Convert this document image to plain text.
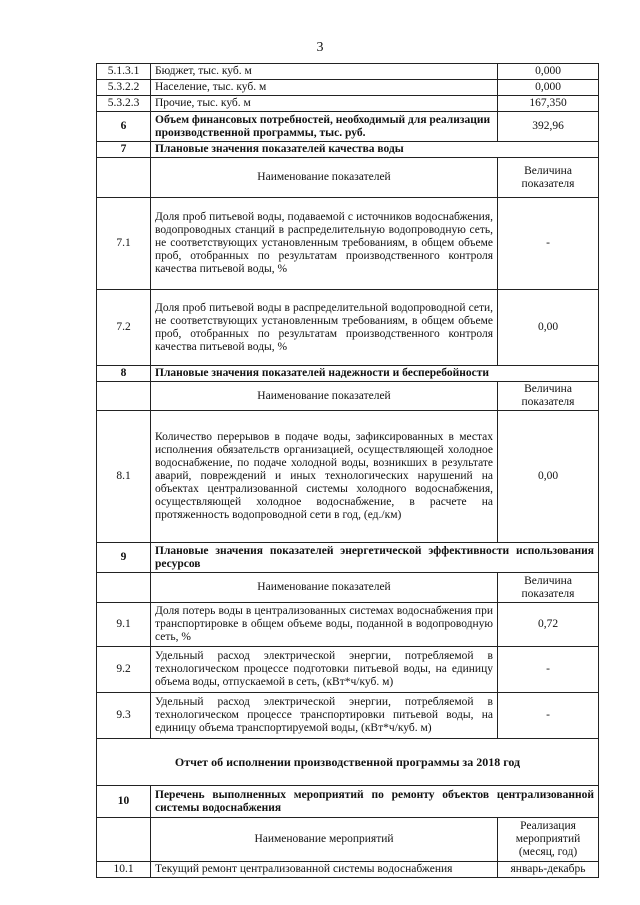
3
5.1.3.1	Бюджет, тыс. куб. м	0,000
5.3.2.2	Население, тыс. куб. м	0,000
5.3.2.3	Прочие, тыс. куб. м	167,350
6	Объем финансовых потребностей, необходимый для реализации производственной программы, тыс. руб.	392,96
7	Плановые значения показателей качества воды	
	Наименование показателей	Величина показателя
7.1	Доля проб питьевой воды, подаваемой с источников водоснабжения, водопроводных станций в распределительную водопроводную сеть, не соответствующих установленным требованиям, в общем объеме проб, отобранных по результатам производственного контроля качества питьевой воды, %	-
7.2	Доля проб питьевой воды в распределительной водопроводной сети, не соответствующих установленным требованиям, в общем объеме проб, отобранных по результатам производственного контроля качества питьевой воды, %	0,00
8	Плановые значения показателей надежности и бесперебойности	
	Наименование показателей	Величина показателя
8.1	Количество перерывов в подаче воды, зафиксированных в местах исполнения обязательств организацией, осуществляющей холодное водоснабжение, по подаче холодной воды, возникших в результате аварий, повреждений и иных технологических нарушений на объектах централизованной системы холодного водоснабжения, осуществляющей холодное водоснабжение, в расчете на протяженность водопроводной сети в год, (ед./км)	0,00
9	Плановые значения показателей энергетической эффективности использования ресурсов	
	Наименование показателей	Величина показателя
9.1	Доля потерь воды в централизованных системах водоснабжения при транспортировке в общем объеме воды, поданной в водопроводную сеть, %	0,72
9.2	Удельный расход электрической энергии, потребляемой в технологическом процессе подготовки питьевой воды, на единицу объема воды, отпускаемой в сеть, (кВт*ч/куб. м)	-
9.3	Удельный расход электрической энергии, потребляемой в технологическом процессе транспортировки питьевой воды, на единицу объема транспортируемой воды, (кВт*ч/куб. м)	-
Отчет об исполнении производственной программы за 2018 год		
10	Перечень выполненных мероприятий по ремонту объектов централизованной системы водоснабжения	
	Наименование мероприятий	Реализация мероприятий (месяц, год)
10.1	Текущий ремонт централизованной системы водоснабжения	январь-декабрь
